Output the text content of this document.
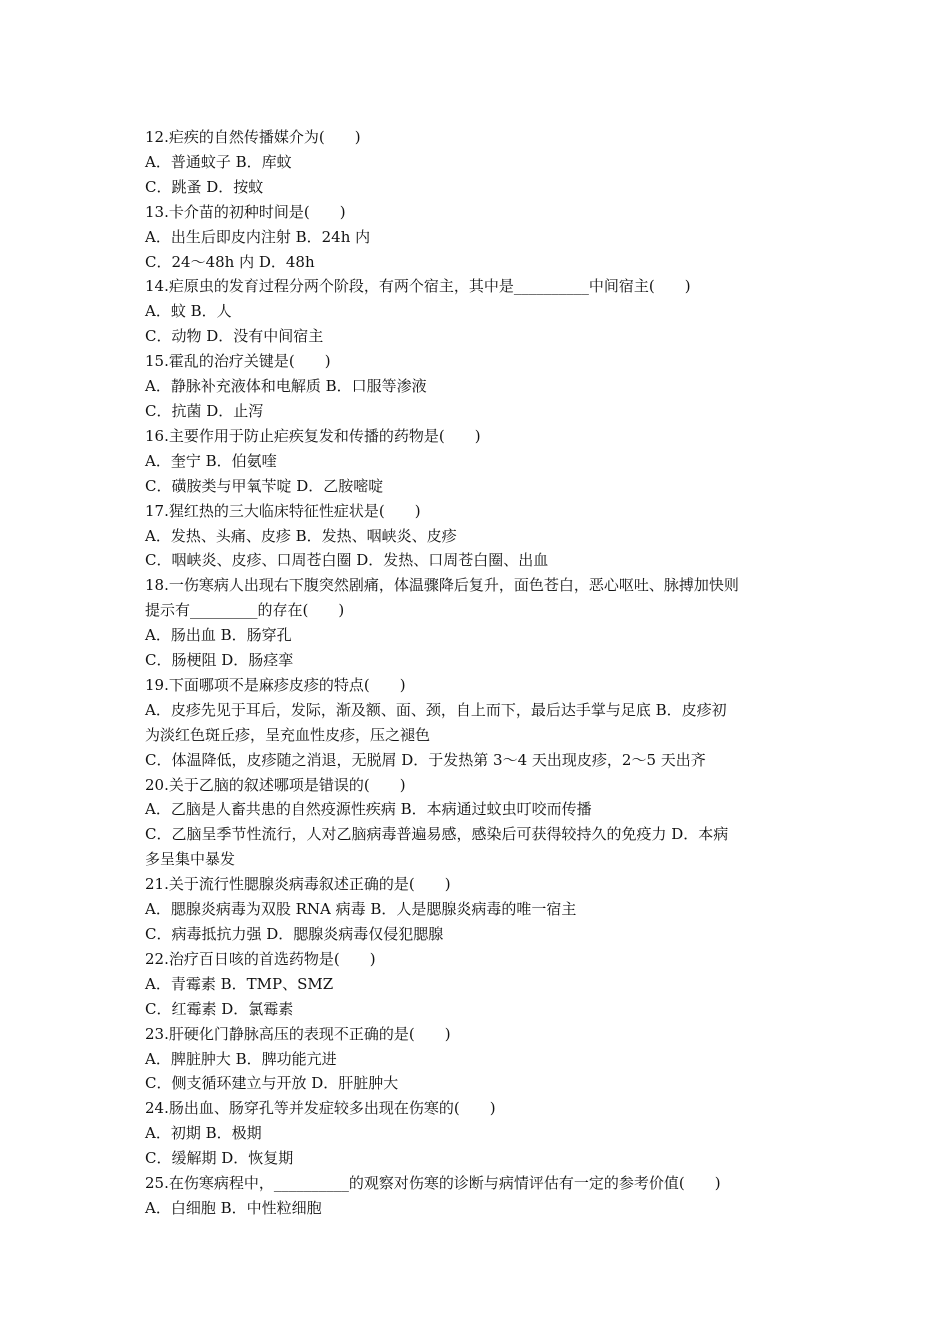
12.疟疾的自然传播媒介为(　　)

A．普通蚊子 B．库蚊

C．跳蚤 D．按蚊

13.卡介苗的初种时间是(　　)

A．出生后即皮内注射 B．24h 内

C．24～48h 内 D．48h

14.疟原虫的发育过程分两个阶段，有两个宿主，其中是__________中间宿主(　　)

A．蚊 B．人

C．动物 D．没有中间宿主

15.霍乱的治疗关键是(　　)

A．静脉补充液体和电解质 B．口服等渗液

C．抗菌 D．止泻

16.主要作用于防止疟疾复发和传播的药物是(　　)

A．奎宁 B．伯氨喹

C．磺胺类与甲氧苄啶 D．乙胺嘧啶

17.猩红热的三大临床特征性症状是(　　)

A．发热、头痛、皮疹 B．发热、咽峡炎、皮疹

C．咽峡炎、皮疹、口周苍白圈 D．发热、口周苍白圈、出血

18.一伤寒病人出现右下腹突然剧痛，体温骤降后复升，面色苍白，恶心呕吐、脉搏加快则

提示有_________的存在(　　)

A．肠出血 B．肠穿孔

C．肠梗阻 D．肠痉挛

19.下面哪项不是麻疹皮疹的特点(　　)

A．皮疹先见于耳后，发际，渐及额、面、颈，自上而下，最后达手掌与足底 B．皮疹初

为淡红色斑丘疹，呈充血性皮疹，压之褪色

C．体温降低，皮疹随之消退，无脱屑 D．于发热第 3～4 天出现皮疹，2～5 天出齐

20.关于乙脑的叙述哪项是错误的(　　)

A．乙脑是人畜共患的自然疫源性疾病 B．本病通过蚊虫叮咬而传播

C．乙脑呈季节性流行，人对乙脑病毒普遍易感，感染后可获得较持久的免疫力 D．本病

多呈集中暴发

21.关于流行性腮腺炎病毒叙述正确的是(　　)

A．腮腺炎病毒为双股 RNA 病毒 B．人是腮腺炎病毒的唯一宿主

C．病毒抵抗力强 D．腮腺炎病毒仅侵犯腮腺

22.治疗百日咳的首选药物是(　　)

A．青霉素 B．TMP、SMZ

C．红霉素 D．氯霉素

23.肝硬化门静脉高压的表现不正确的是(　　)

A．脾脏肿大 B．脾功能亢进

C．侧支循环建立与开放 D．肝脏肿大

24.肠出血、肠穿孔等并发症较多出现在伤寒的(　　)

A．初期 B．极期

C．缓解期 D．恢复期

25.在伤寒病程中，__________的观察对伤寒的诊断与病情评估有一定的参考价值(　　)

A．白细胞 B．中性粒细胞
